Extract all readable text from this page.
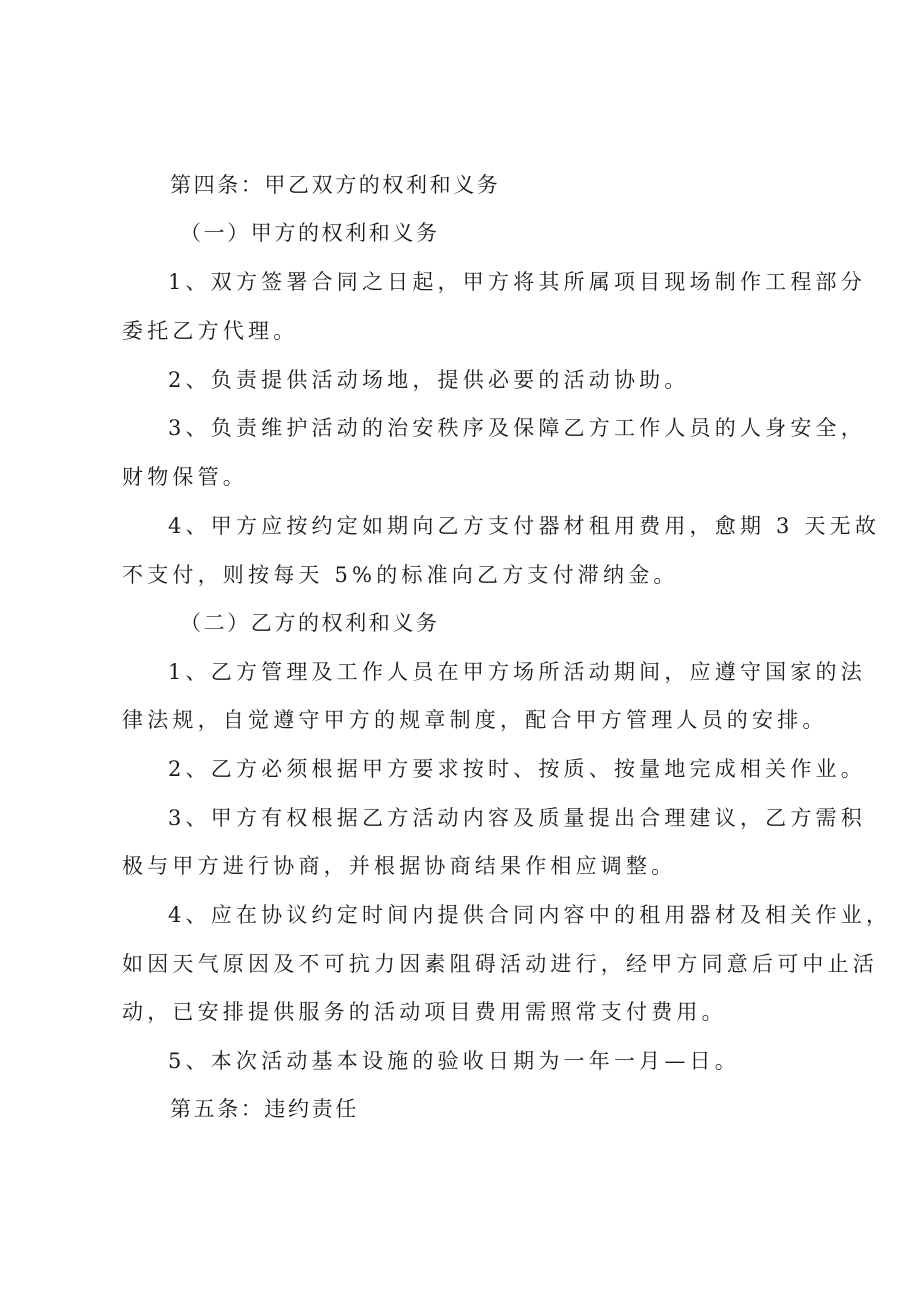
第四条：甲乙双方的权利和义务

（一）甲方的权利和义务

1、双方签署合同之日起，甲方将其所属项目现场制作工程部分

委托乙方代理。

2、负责提供活动场地，提供必要的活动协助。

3、负责维护活动的治安秩序及保障乙方工作人员的人身安全，

财物保管。

4、甲方应按约定如期向乙方支付器材租用费用，愈期 3 天无故

不支付，则按每天 5%的标准向乙方支付滞纳金。

（二）乙方的权利和义务

1、乙方管理及工作人员在甲方场所活动期间，应遵守国家的法

律法规，自觉遵守甲方的规章制度，配合甲方管理人员的安排。

2、乙方必须根据甲方要求按时、按质、按量地完成相关作业。

3、甲方有权根据乙方活动内容及质量提出合理建议，乙方需积

极与甲方进行协商，并根据协商结果作相应调整。

4、应在协议约定时间内提供合同内容中的租用器材及相关作业，

如因天气原因及不可抗力因素阻碍活动进行，经甲方同意后可中止活

动，已安排提供服务的活动项目费用需照常支付费用。

5、本次活动基本设施的验收日期为一年一月—日。

第五条：违约责任
